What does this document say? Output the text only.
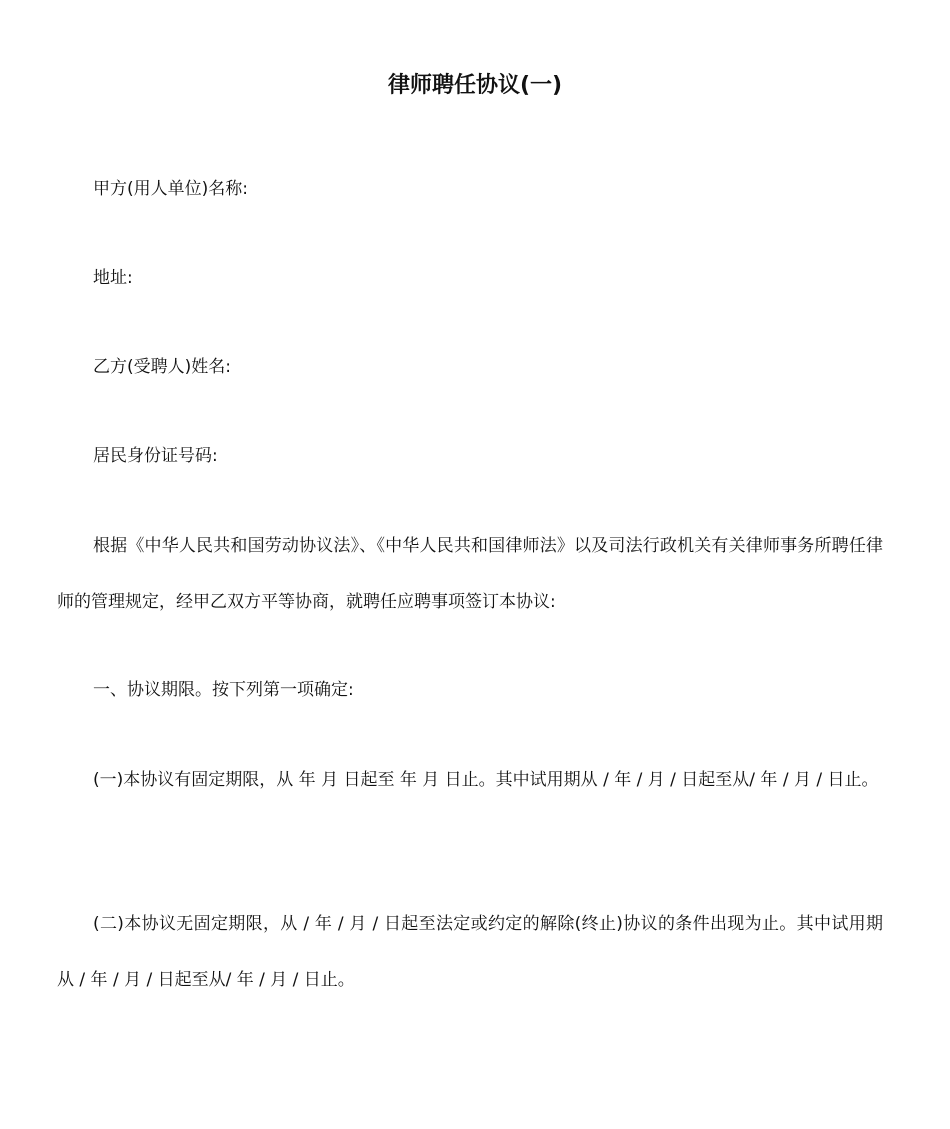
律师聘任协议(一)
甲方(用人单位)名称:
地址:
乙方(受聘人)姓名:
居民身份证号码:
根据《中华人民共和国劳动协议法》、《中华人民共和国律师法》以及司法行政机关有关律师事务所聘任律师的管理规定，经甲乙双方平等协商，就聘任应聘事项签订本协议:
一、协议期限。按下列第一项确定:
(一)本协议有固定期限，从 年 月 日起至 年 月 日止。其中试用期从 / 年 / 月 / 日起至从/ 年 / 月 / 日止。
(二)本协议无固定期限，从 / 年 / 月 / 日起至法定或约定的解除(终止)协议的条件出现为止。其中试用期从 / 年 / 月 / 日起至从/ 年 / 月 / 日止。
